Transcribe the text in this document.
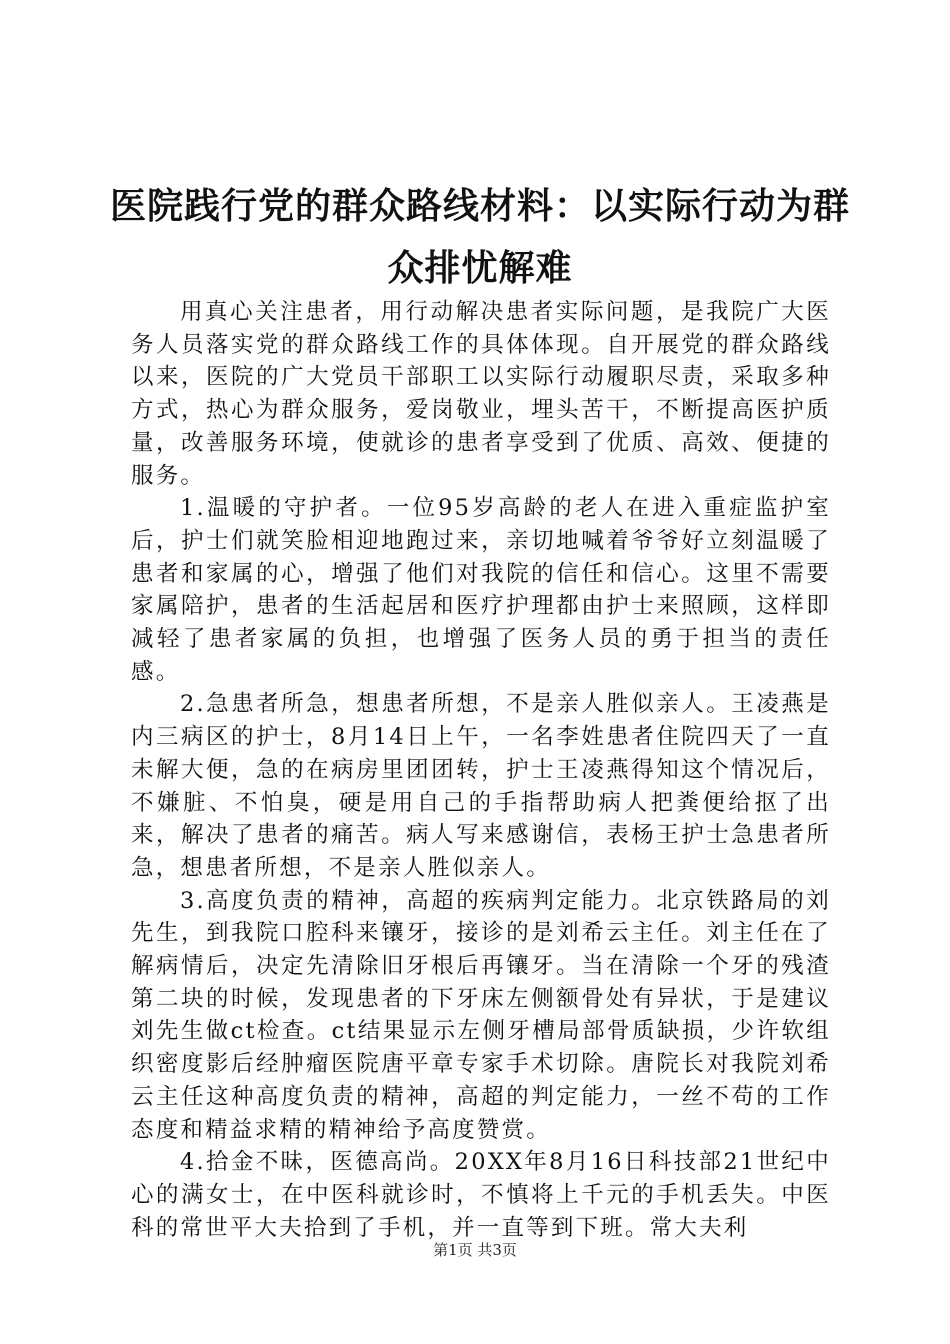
医院践行党的群众路线材料：以实际行动为群众排忧解难

用真心关注患者，用行动解决患者实际问题，是我院广大医务人员落实党的群众路线工作的具体体现。自开展党的群众路线以来，医院的广大党员干部职工以实际行动履职尽责，采取多种方式，热心为群众服务，爱岗敬业，埋头苦干，不断提高医护质量，改善服务环境，使就诊的患者享受到了优质、高效、便捷的服务。

1.温暖的守护者。一位95岁高龄的老人在进入重症监护室后，护士们就笑脸相迎地跑过来，亲切地喊着爷爷好立刻温暖了患者和家属的心，增强了他们对我院的信任和信心。这里不需要家属陪护，患者的生活起居和医疗护理都由护士来照顾，这样即减轻了患者家属的负担，也增强了医务人员的勇于担当的责任感。

2.急患者所急，想患者所想，不是亲人胜似亲人。王凌燕是内三病区的护士，8月14日上午，一名李姓患者住院四天了一直未解大便，急的在病房里团团转，护士王凌燕得知这个情况后，不嫌脏、不怕臭，硬是用自己的手指帮助病人把粪便给抠了出来，解决了患者的痛苦。病人写来感谢信，表杨王护士急患者所急，想患者所想，不是亲人胜似亲人。

3.高度负责的精神，高超的疾病判定能力。北京铁路局的刘先生，到我院口腔科来镶牙，接诊的是刘希云主任。刘主任在了解病情后，决定先清除旧牙根后再镶牙。当在清除一个牙的残渣第二块的时候，发现患者的下牙床左侧额骨处有异状，于是建议刘先生做ct检查。ct结果显示左侧牙槽局部骨质缺损，少许软组织密度影后经肿瘤医院唐平章专家手术切除。唐院长对我院刘希云主任这种高度负责的精神，高超的判定能力，一丝不苟的工作态度和精益求精的精神给予高度赞赏。

4.拾金不昧，医德高尚。20XX年8月16日科技部21世纪中心的满女士，在中医科就诊时，不慎将上千元的手机丢失。中医科的常世平大夫拾到了手机，并一直等到下班。常大夫利

第1页 共3页
